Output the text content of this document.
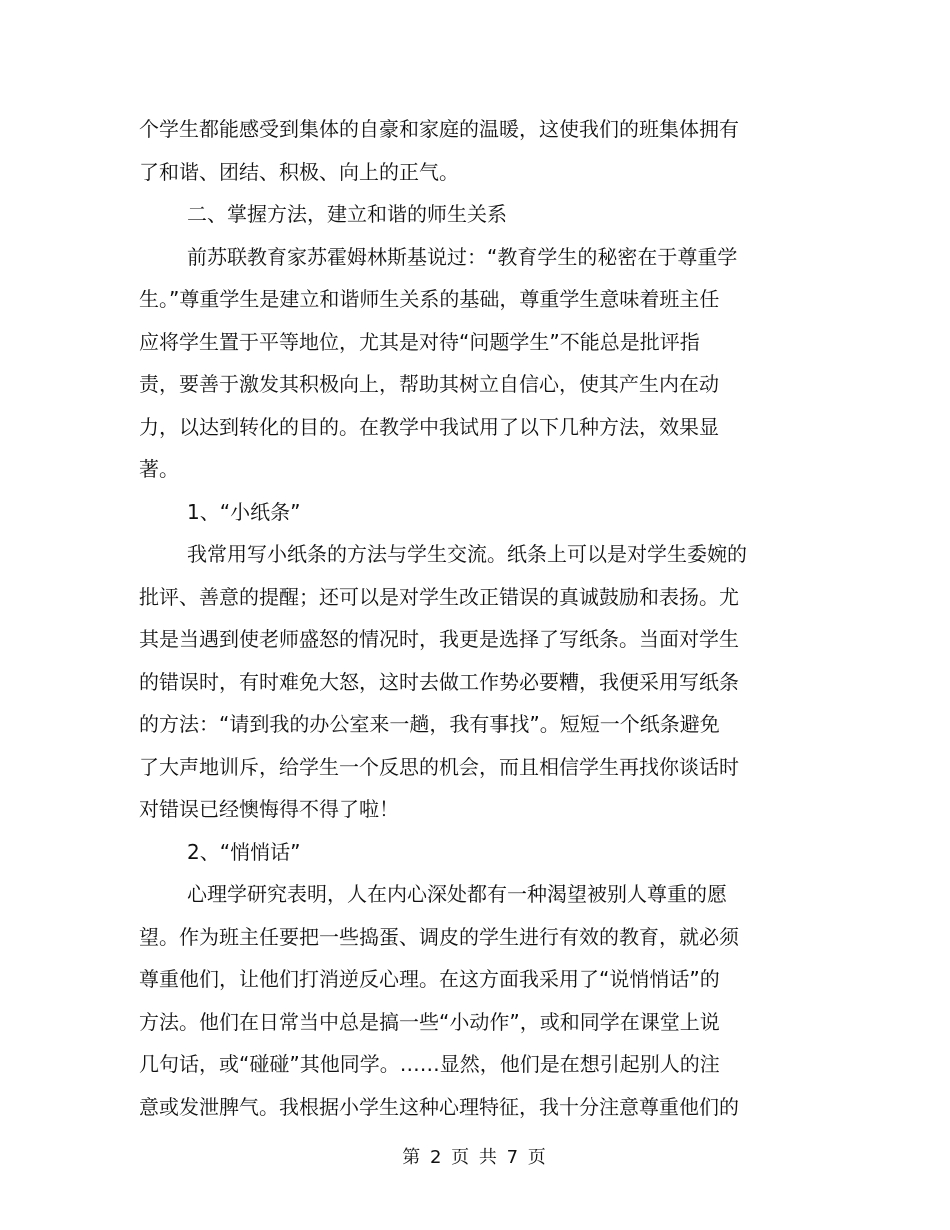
个学生都能感受到集体的自豪和家庭的温暖，这使我们的班集体拥有
了和谐、团结、积极、向上的正气。
二、掌握方法，建立和谐的师生关系
前苏联教育家苏霍姆林斯基说过：“教育学生的秘密在于尊重学
生。”尊重学生是建立和谐师生关系的基础，尊重学生意味着班主任
应将学生置于平等地位，尤其是对待“问题学生”不能总是批评指
责，要善于激发其积极向上，帮助其树立自信心，使其产生内在动
力，以达到转化的目的。在教学中我试用了以下几种方法，效果显
著。
1、“小纸条”
我常用写小纸条的方法与学生交流。纸条上可以是对学生委婉的
批评、善意的提醒；还可以是对学生改正错误的真诚鼓励和表扬。尤
其是当遇到使老师盛怒的情况时，我更是选择了写纸条。当面对学生
的错误时，有时难免大怒，这时去做工作势必要糟，我便采用写纸条
的方法：“请到我的办公室来一趟，我有事找”。短短一个纸条避免
了大声地训斥，给学生一个反思的机会，而且相信学生再找你谈话时
对错误已经懊悔得不得了啦！
2、“悄悄话”
心理学研究表明，人在内心深处都有一种渴望被别人尊重的愿
望。作为班主任要把一些捣蛋、调皮的学生进行有效的教育，就必须
尊重他们，让他们打消逆反心理。在这方面我采用了“说悄悄话”的
方法。他们在日常当中总是搞一些“小动作”，或和同学在课堂上说
几句话，或“碰碰”其他同学。……显然，他们是在想引起别人的注
意或发泄脾气。我根据小学生这种心理特征，我十分注意尊重他们的
第 2 页 共 7 页
